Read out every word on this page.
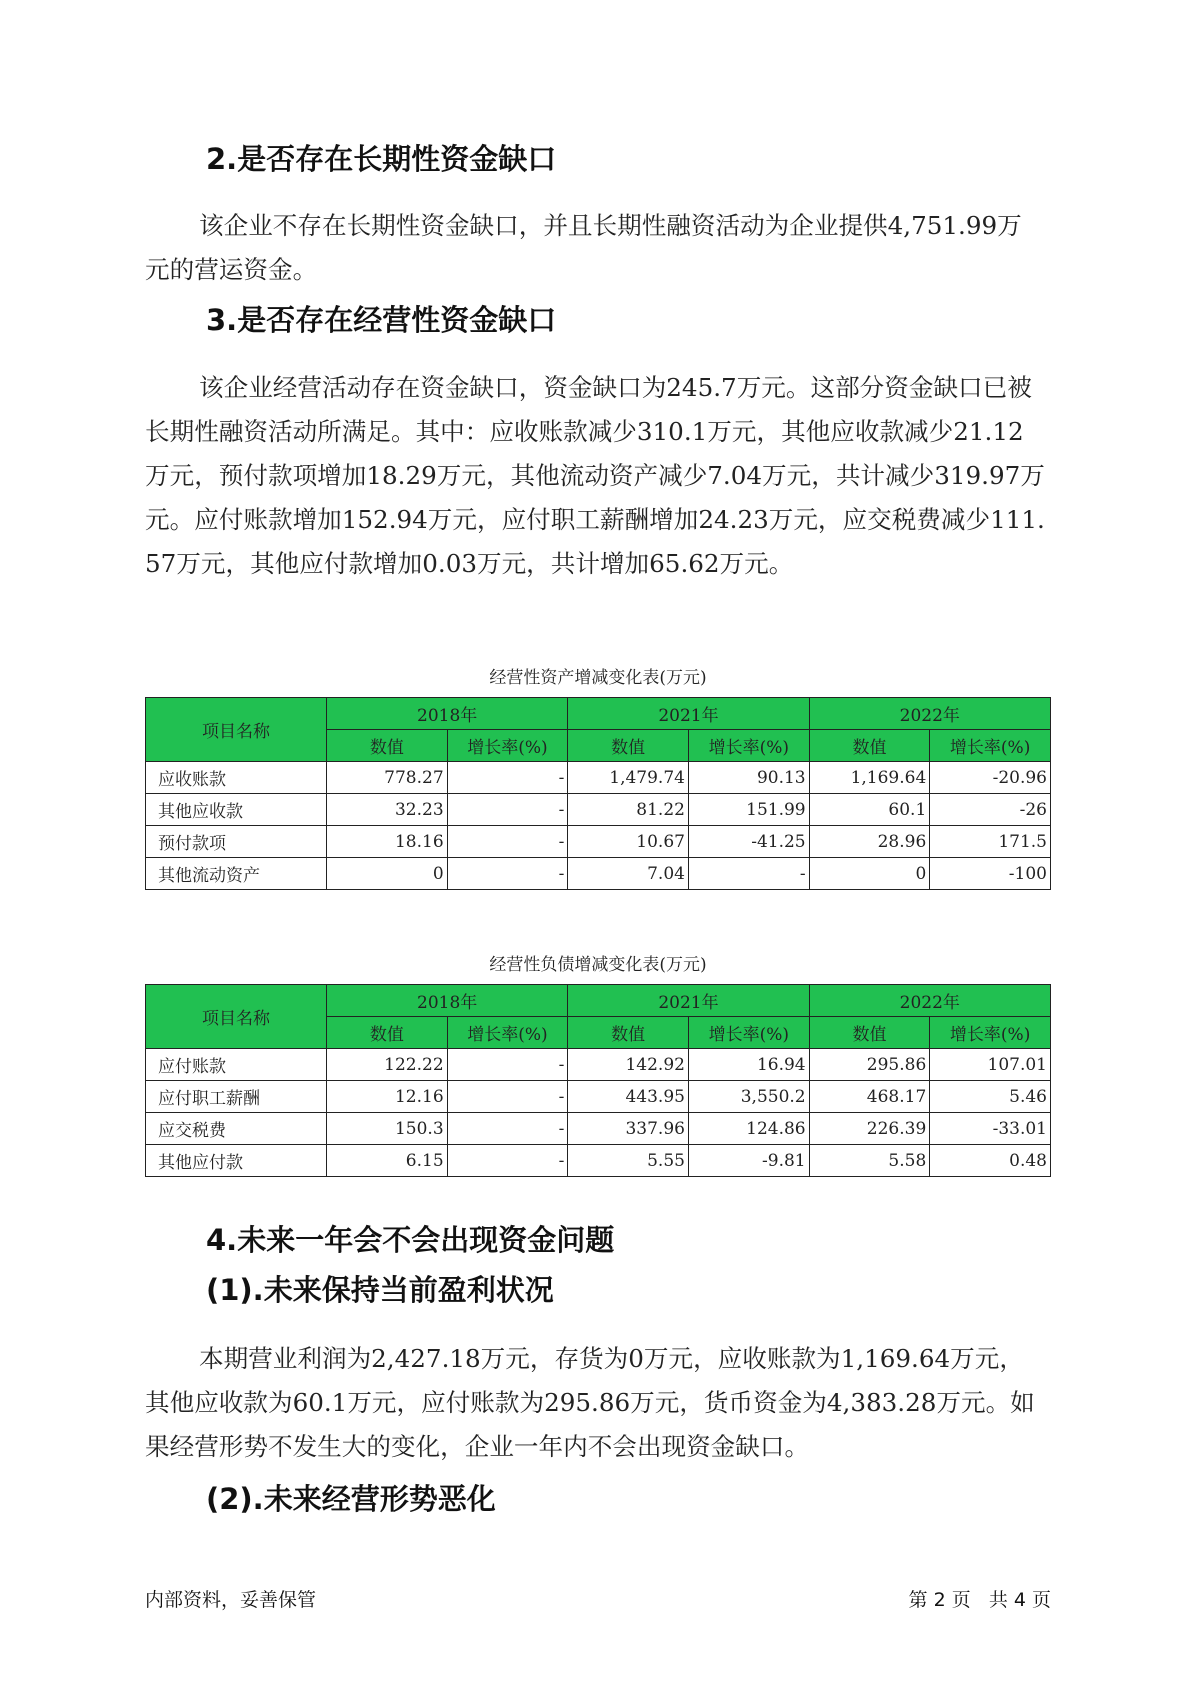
2.是否存在长期性资金缺口

该企业不存在长期性资金缺口，并且长期性融资活动为企业提供4,751.99万元的营运资金。

3.是否存在经营性资金缺口

该企业经营活动存在资金缺口，资金缺口为245.7万元。这部分资金缺口已被长期性融资活动所满足。其中：应收账款减少310.1万元，其他应收款减少21.12万元，预付款项增加18.29万元，其他流动资产减少7.04万元，共计减少319.97万元。应付账款增加152.94万元，应付职工薪酬增加24.23万元，应交税费减少111.57万元，其他应付款增加0.03万元，共计增加65.62万元。

经营性资产增减变化表(万元)
项目名称	2018年		2021年		2022年	
	数值	增长率(%)	数值	增长率(%)	数值	增长率(%)
应收账款	778.27	-	1,479.74	90.13	1,169.64	-20.96
其他应收款	32.23	-	81.22	151.99	60.1	-26
预付款项	18.16	-	10.67	-41.25	28.96	171.5
其他流动资产	0	-	7.04	-	0	-100
经营性负债增减变化表(万元)
项目名称	2018年		2021年		2022年	
	数值	增长率(%)	数值	增长率(%)	数值	增长率(%)
应付账款	122.22	-	142.92	16.94	295.86	107.01
应付职工薪酬	12.16	-	443.95	3,550.2	468.17	5.46
应交税费	150.3	-	337.96	124.86	226.39	-33.01
其他应付款	6.15	-	5.55	-9.81	5.58	0.48
4.未来一年会不会出现资金问题
(1).未来保持当前盈利状况

本期营业利润为2,427.18万元，存货为0万元，应收账款为1,169.64万元，其他应收款为60.1万元，应付账款为295.86万元，货币资金为4,383.28万元。如果经营形势不发生大的变化，企业一年内不会出现资金缺口。

(2).未来经营形势恶化
内部资料，妥善保管	第 2 页   共 4 页
